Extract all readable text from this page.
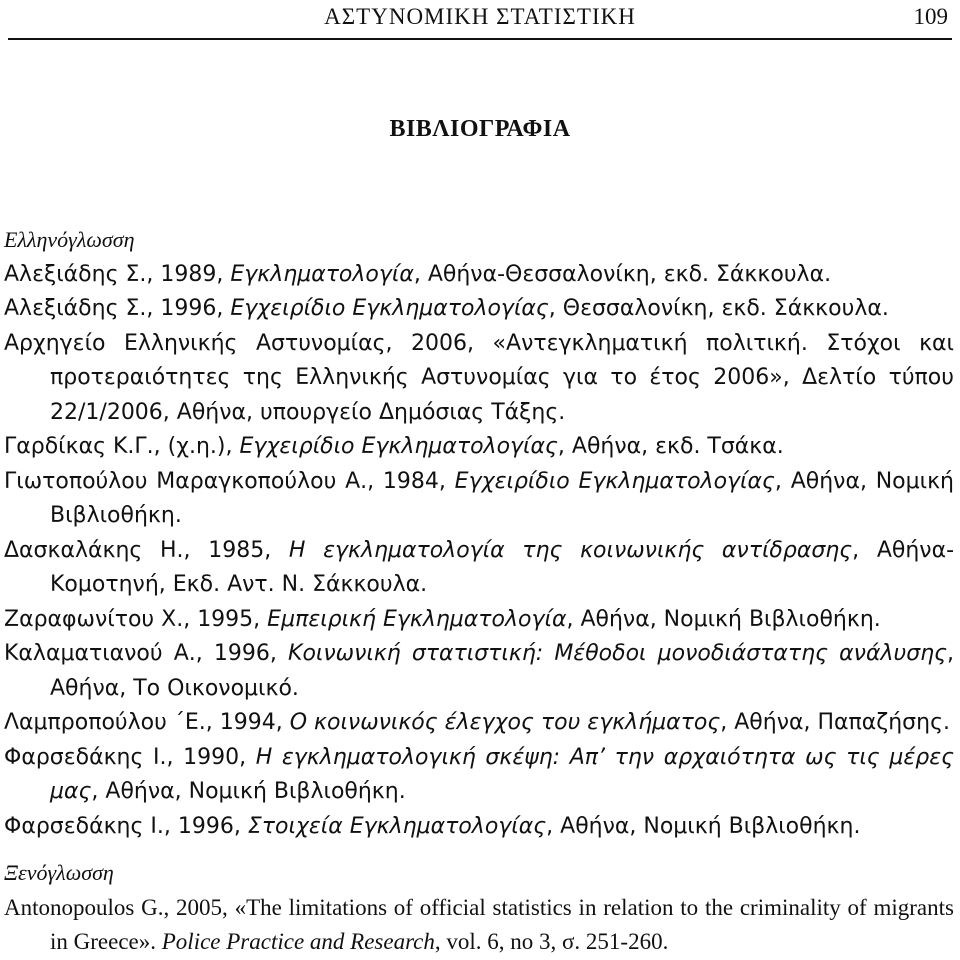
ΑΣΤΥΝΟΜΙΚΗ ΣΤΑΤΙΣΤΙΚΗ	109
ΒΙΒΛΙΟΓΡΑΦΙΑ

Ελληνόγλωσση

Αλεξιάδης Σ., 1989, Εγκληματολογία, Αθήνα-Θεσσαλονίκη, εκδ. Σάκκουλα.

Αλεξιάδης Σ., 1996, Εγχειρίδιο Εγκληματολογίας, Θεσσαλονίκη, εκδ. Σάκκουλα.

Αρχηγείο Ελληνικής Αστυνομίας, 2006, «Αντεγκληματική πολιτική. Στόχοι και προτεραιότητες της Ελληνικής Αστυνομίας για το έτος 2006», Δελτίο τύπου 22/1/2006, Αθήνα, υπουργείο Δημόσιας Τάξης.

Γαρδίκας Κ.Γ., (χ.η.), Εγχειρίδιο Εγκληματολογίας, Αθήνα, εκδ. Τσάκα.

Γιωτοπούλου Μαραγκοπούλου Α., 1984, Εγχειρίδιο Εγκληματολογίας, Αθήνα, Νομική Βιβλιοθήκη.

Δασκαλάκης Η., 1985, Η εγκληματολογία της κοινωνικής αντίδρασης, Αθήνα- Κομοτηνή, Εκδ. Αντ. Ν. Σάκκουλα.

Ζαραφωνίτου Χ., 1995, Εμπειρική Εγκληματολογία, Αθήνα, Νομική Βιβλιοθήκη.

Καλαματιανού Α., 1996, Κοινωνική στατιστική: Μέθοδοι μονοδιάστατης ανάλυσης, Αθήνα, Το Οικονομικό.

Λαμπροπούλου ΄Ε., 1994, Ο κοινωνικός έλεγχος του εγκλήματος, Αθήνα, Παπαζήσης.

Φαρσεδάκης Ι., 1990, Η εγκληματολογική σκέψη: Απ’ την αρχαιότητα ως τις μέρες μας, Αθήνα, Νομική Βιβλιοθήκη.

Φαρσεδάκης Ι., 1996, Στοιχεία Εγκληματολογίας, Αθήνα, Νομική Βιβλιοθήκη.

Ξενόγλωσση

Antonopoulos G., 2005, «The limitations of official statistics in relation to the criminality of migrants in Greece». Police Practice and Research, vol. 6, no 3, σ. 251-260.
